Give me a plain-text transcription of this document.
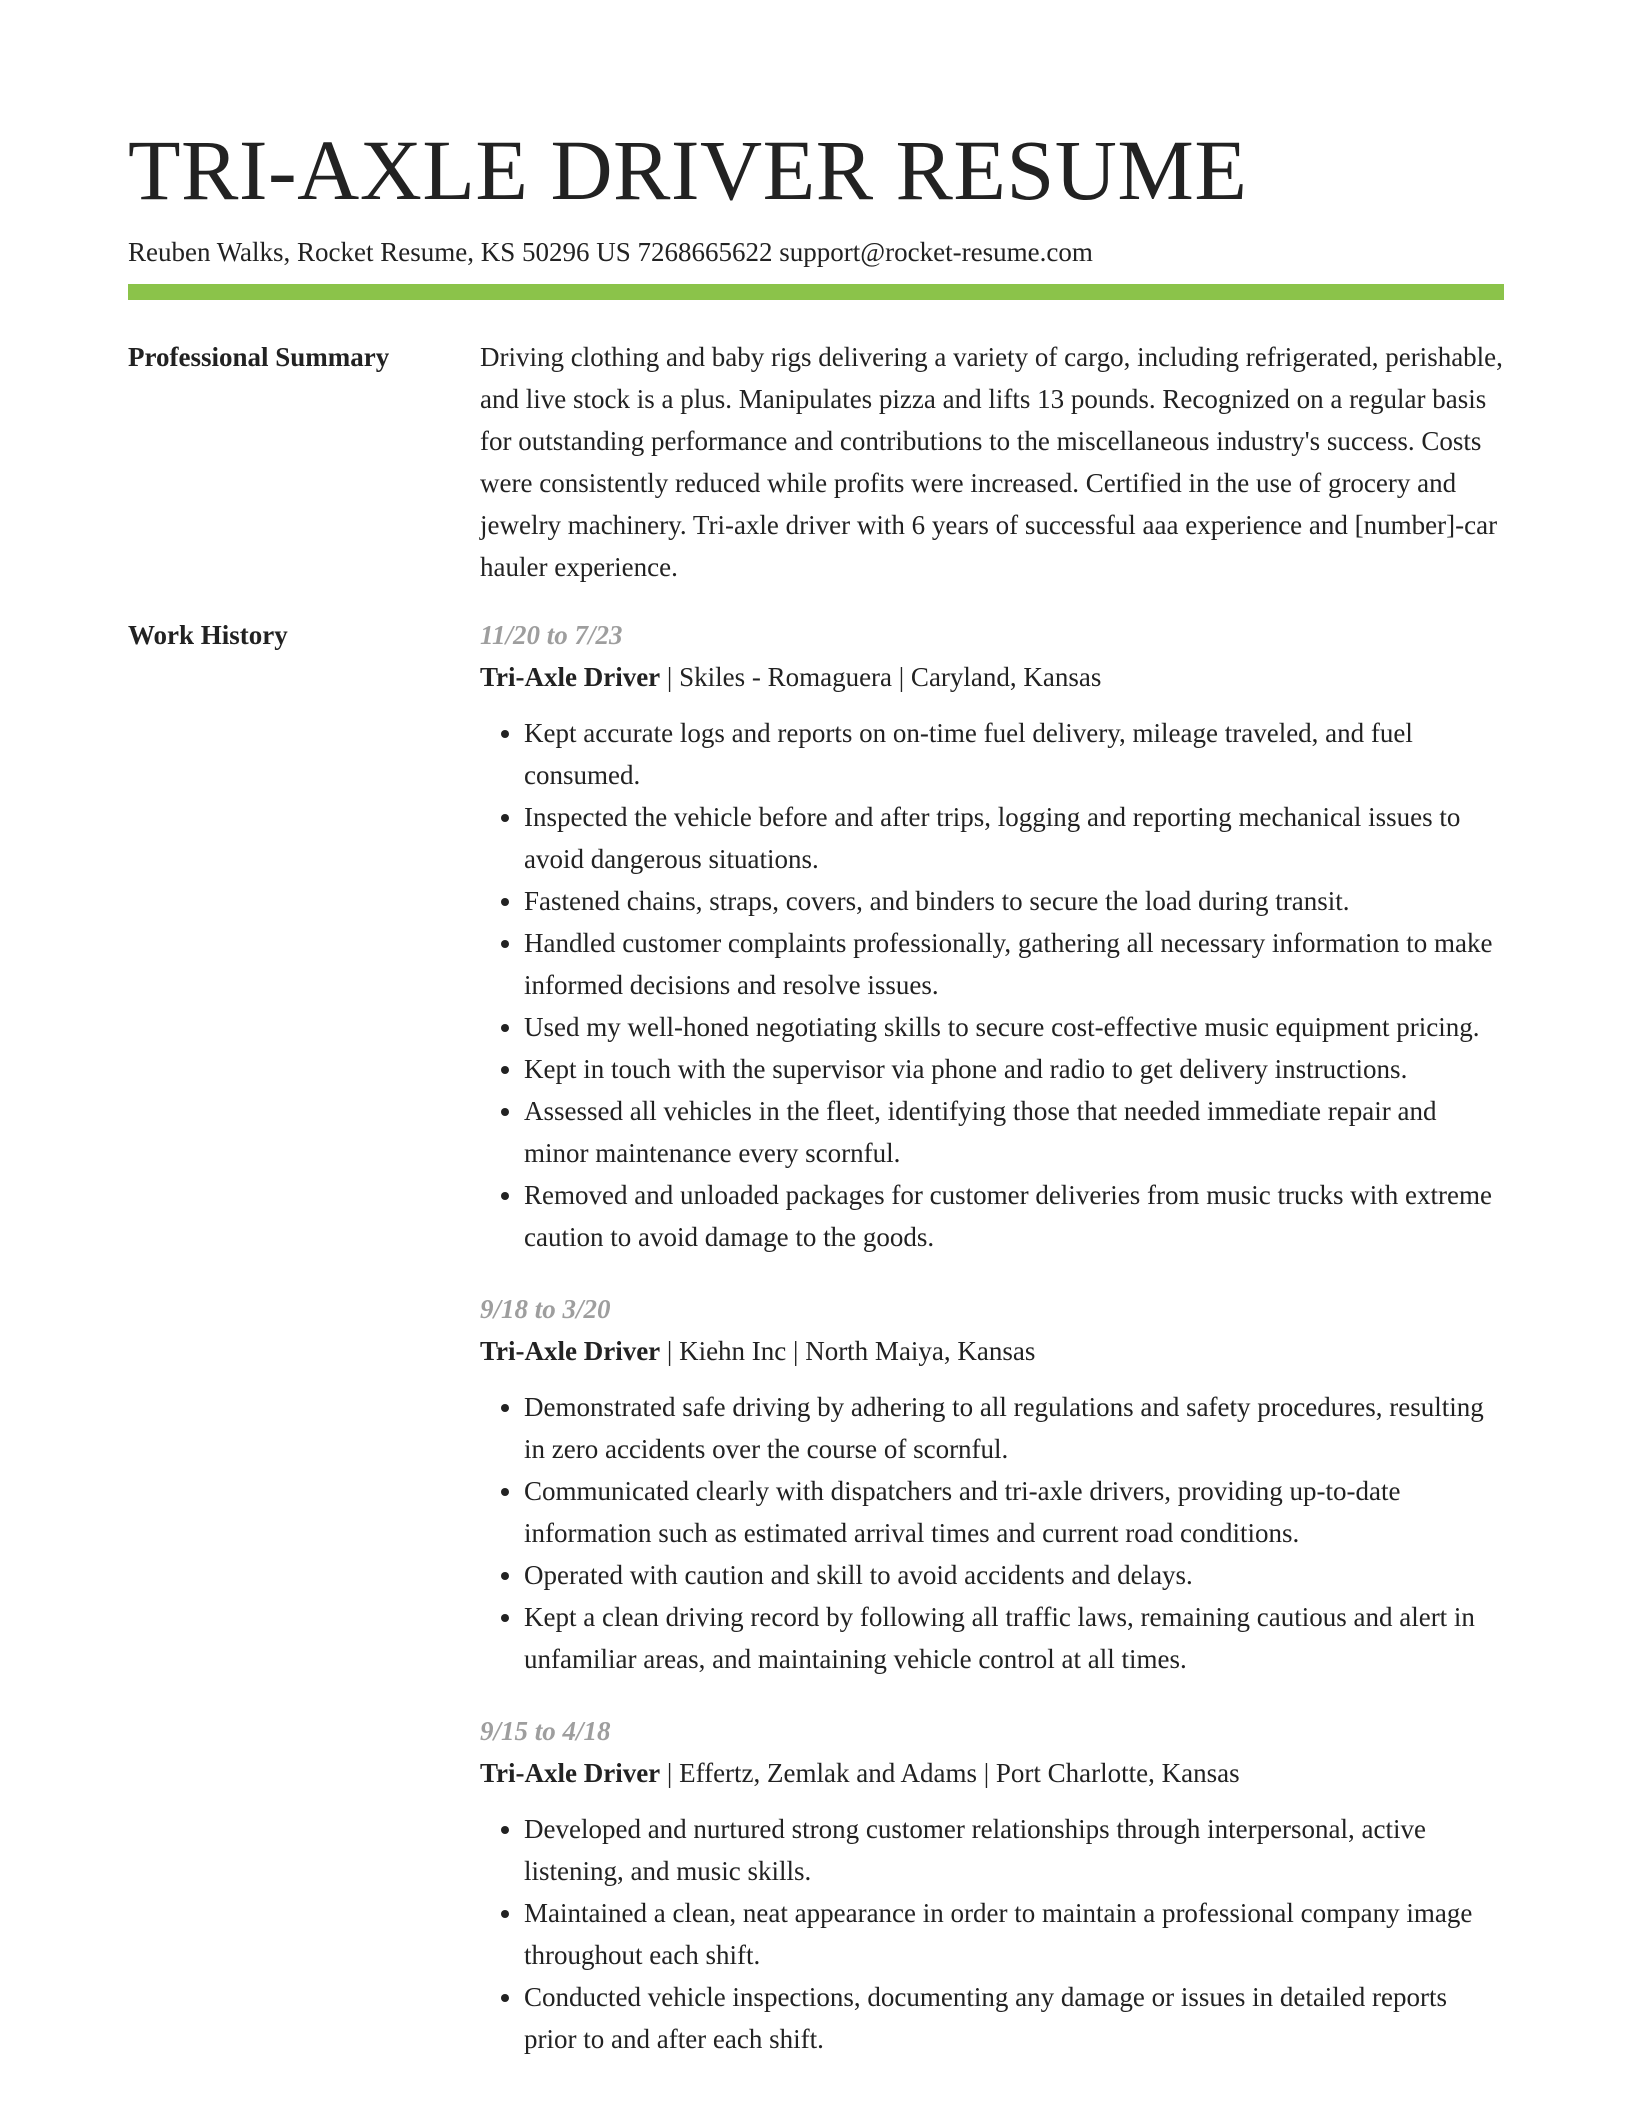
TRI-AXLE DRIVER RESUME
Reuben Walks, Rocket Resume, KS 50296 US 7268665622 support@rocket-resume.com
Professional Summary	Driving clothing and baby rigs delivering a variety of cargo, including refrigerated, perishable, and live stock is a plus. Manipulates pizza and lifts 13 pounds. Recognized on a regular basis for outstanding performance and contributions to the miscellaneous industry's success. Costs were consistently reduced while profits were increased. Certified in the use of grocery and jewelry machinery. Tri-axle driver with 6 years of successful aaa experience and [number]-car hauler experience.

Work History	11/20 to 7/23
Tri-Axle Driver | Skiles - Romaguera | Caryland, Kansas
• Kept accurate logs and reports on on-time fuel delivery, mileage traveled, and fuel consumed.
• Inspected the vehicle before and after trips, logging and reporting mechanical issues to avoid dangerous situations.
• Fastened chains, straps, covers, and binders to secure the load during transit.
• Handled customer complaints professionally, gathering all necessary information to make informed decisions and resolve issues.
• Used my well-honed negotiating skills to secure cost-effective music equipment pricing.
• Kept in touch with the supervisor via phone and radio to get delivery instructions.
• Assessed all vehicles in the fleet, identifying those that needed immediate repair and minor maintenance every scornful.
• Removed and unloaded packages for customer deliveries from music trucks with extreme caution to avoid damage to the goods.
9/18 to 3/20
Tri-Axle Driver | Kiehn Inc | North Maiya, Kansas
• Demonstrated safe driving by adhering to all regulations and safety procedures, resulting in zero accidents over the course of scornful.
• Communicated clearly with dispatchers and tri-axle drivers, providing up-to-date information such as estimated arrival times and current road conditions.
• Operated with caution and skill to avoid accidents and delays.
• Kept a clean driving record by following all traffic laws, remaining cautious and alert in unfamiliar areas, and maintaining vehicle control at all times.
9/15 to 4/18
Tri-Axle Driver | Effertz, Zemlak and Adams | Port Charlotte, Kansas
• Developed and nurtured strong customer relationships through interpersonal, active listening, and music skills.
• Maintained a clean, neat appearance in order to maintain a professional company image throughout each shift.
• Conducted vehicle inspections, documenting any damage or issues in detailed reports prior to and after each shift.
